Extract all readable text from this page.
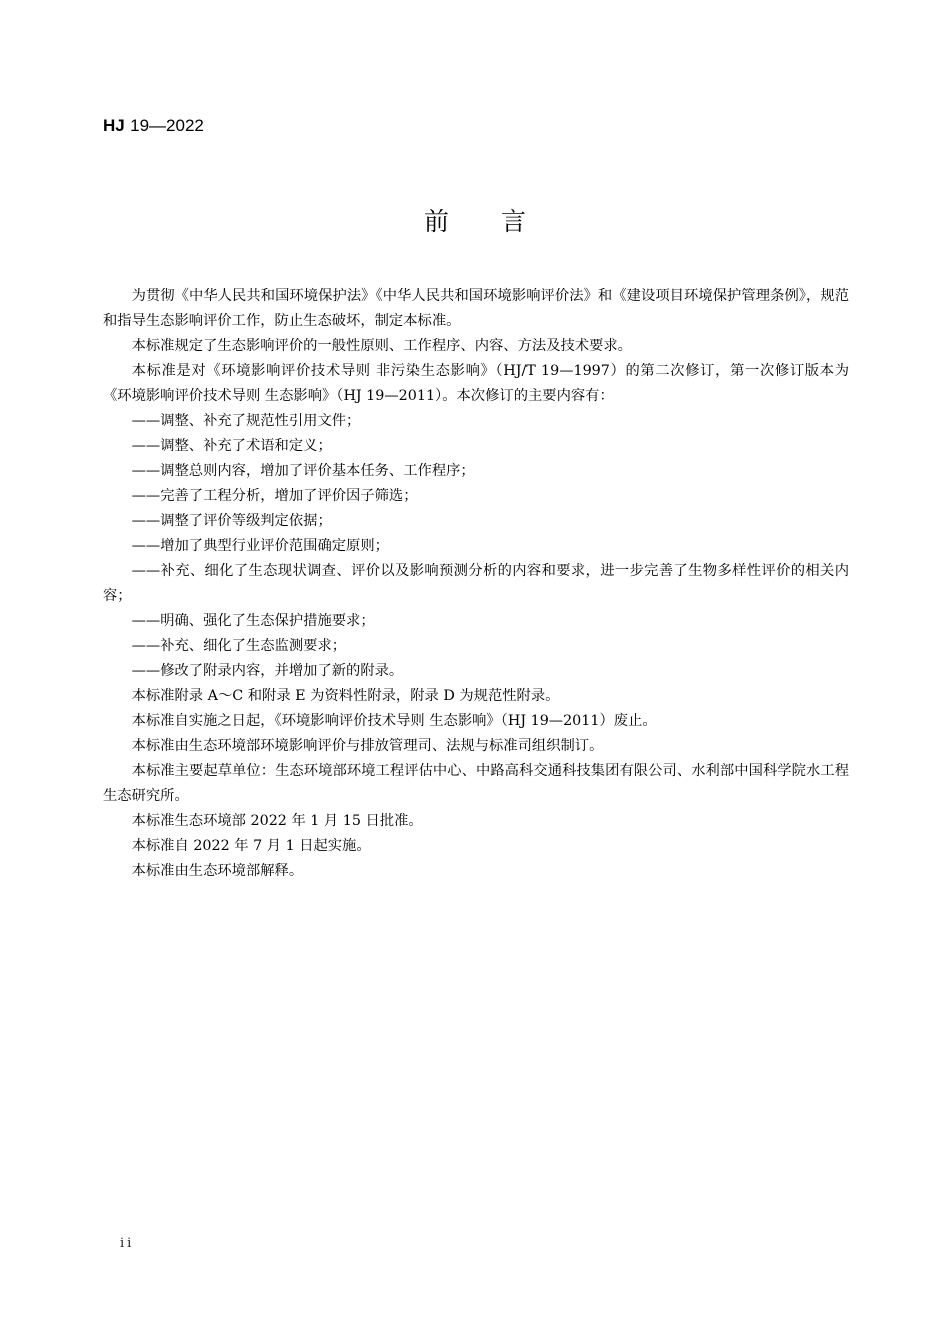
HJ 19—2022
前 言

为贯彻《中华人民共和国环境保护法》《中华人民共和国环境影响评价法》和《建设项目环境保护管理条例》，规范和指导生态影响评价工作，防止生态破坏，制定本标准。

本标准规定了生态影响评价的一般性原则、工作程序、内容、方法及技术要求。

本标准是对《环境影响评价技术导则 非污染生态影响》（HJ/T 19—1997）的第二次修订，第一次修订版本为《环境影响评价技术导则 生态影响》（HJ 19—2011）。本次修订的主要内容有：

——调整、补充了规范性引用文件；

——调整、补充了术语和定义；

——调整总则内容，增加了评价基本任务、工作程序；

——完善了工程分析，增加了评价因子筛选；

——调整了评价等级判定依据；

——增加了典型行业评价范围确定原则；

——补充、细化了生态现状调查、评价以及影响预测分析的内容和要求，进一步完善了生物多样性评价的相关内容；

——明确、强化了生态保护措施要求；

——补充、细化了生态监测要求；

——修改了附录内容，并增加了新的附录。

本标准附录 A～C 和附录 E 为资料性附录，附录 D 为规范性附录。

本标准自实施之日起，《环境影响评价技术导则 生态影响》（HJ 19—2011）废止。

本标准由生态环境部环境影响评价与排放管理司、法规与标准司组织制订。

本标准主要起草单位：生态环境部环境工程评估中心、中路高科交通科技集团有限公司、水利部中国科学院水工程生态研究所。

本标准生态环境部 2022 年 1 月 15 日批准。

本标准自 2022 年 7 月 1 日起实施。

本标准由生态环境部解释。

ii
